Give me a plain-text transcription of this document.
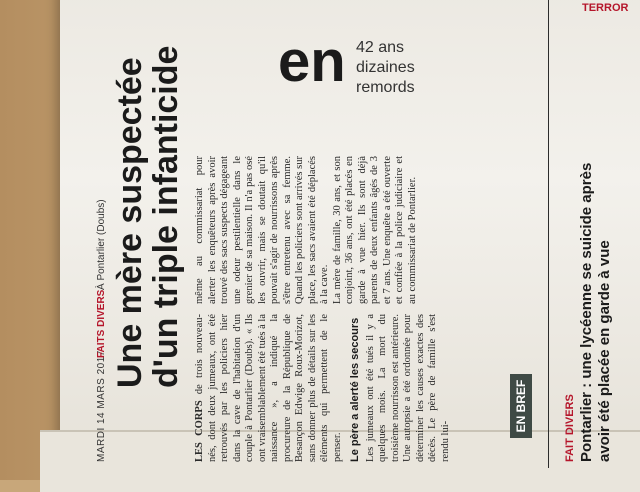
MARDI 14 MARS 2017
FAITS DIVERS
À Pontarlier (Doubs) Une mère suspectée d'un triple infanticide
LES CORPS de trois nouveau-nés, dont deux jumeaux, ont été retrouvés par les policiers hier dans la cave de l'habitation d'un couple à Pontarlier (Doubs). « Ils ont vraisemblablement été tués à la naissance », a indiqué la procureure de la République de Besançon Edwige Roux-Morizot, sans donner plus de détails sur les éléments qui permettent de le penser. Le père a alerté les secours Les jumeaux ont été tués il y a quelques mois. La mort du troisième nourrisson est antérieure. Une autopsie a été ordonnée pour déterminer les causes exactes des décès. Le père de famille s'est rendu lui-
même au commissariat pour alerter les enquêteurs après avoir trouvé des sacs suspects dégageant une odeur pestilentielle dans le grenier de sa maison. Il n'a pas osé les ouvrir, mais se doutait qu'il pouvait s'agir de nourrissons après s'être entretenu avec sa femme. Quand les policiers sont arrivés sur place, les sacs avaient été déplacés à la cave. La mère de famille, 30 ans, et son conjoint, 36 ans, ont été placés en garde à vue hier. Ils sont déjà parents de deux enfants âgés de 3 et 7 ans. Une enquête a été ouverte et confiée à la police judiciaire et au commissariat de Pontarlier.
EN BREF	FAIT DIVERS Pontarlier : une lycéenne se suicide après avoir été placée en garde à vue
TERROR
en 42 ans
dizaines
remords
